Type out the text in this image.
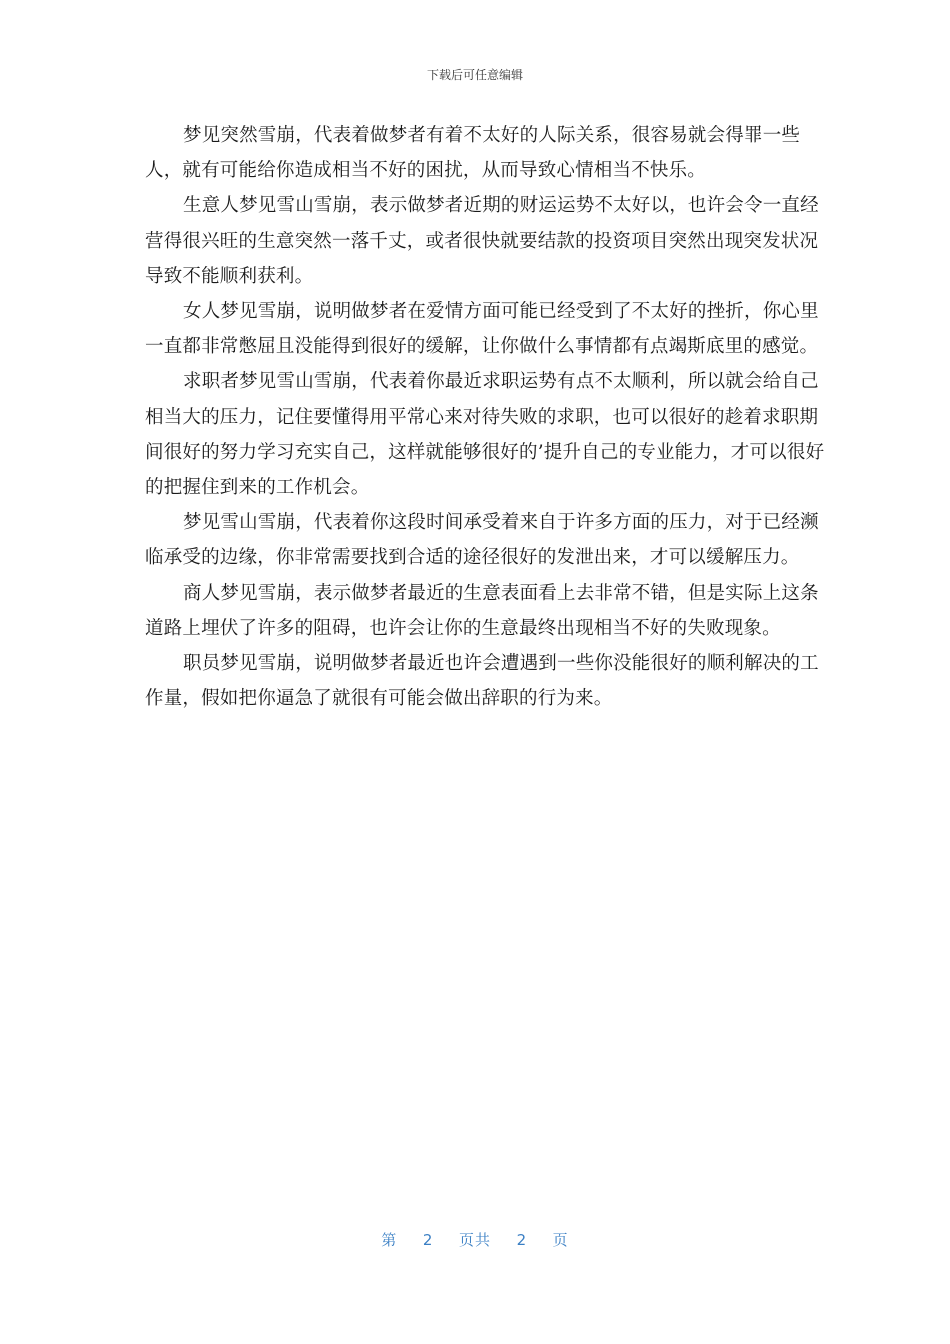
下载后可任意编辑

梦见突然雪崩，代表着做梦者有着不太好的人际关系，很容易就会得罪一些人，就有可能给你造成相当不好的困扰，从而导致心情相当不快乐。

生意人梦见雪山雪崩，表示做梦者近期的财运运势不太好以，也许会令一直经营得很兴旺的生意突然一落千丈，或者很快就要结款的投资项目突然出现突发状况导致不能顺利获利。

女人梦见雪崩，说明做梦者在爱情方面可能已经受到了不太好的挫折，你心里一直都非常憋屈且没能得到很好的缓解，让你做什么事情都有点竭斯底里的感觉。

求职者梦见雪山雪崩，代表着你最近求职运势有点不太顺利，所以就会给自己相当大的压力，记住要懂得用平常心来对待失败的求职，也可以很好的趁着求职期间很好的努力学习充实自己，这样就能够很好的’提升自己的专业能力，才可以很好的把握住到来的工作机会。

梦见雪山雪崩，代表着你这段时间承受着来自于许多方面的压力，对于已经濒临承受的边缘，你非常需要找到合适的途径很好的发泄出来，才可以缓解压力。

商人梦见雪崩，表示做梦者最近的生意表面看上去非常不错，但是实际上这条道路上埋伏了许多的阻碍，也许会让你的生意最终出现相当不好的失败现象。

职员梦见雪崩，说明做梦者最近也许会遭遇到一些你没能很好的顺利解决的工作量，假如把你逼急了就很有可能会做出辞职的行为来。

第 2 页共 2 页
